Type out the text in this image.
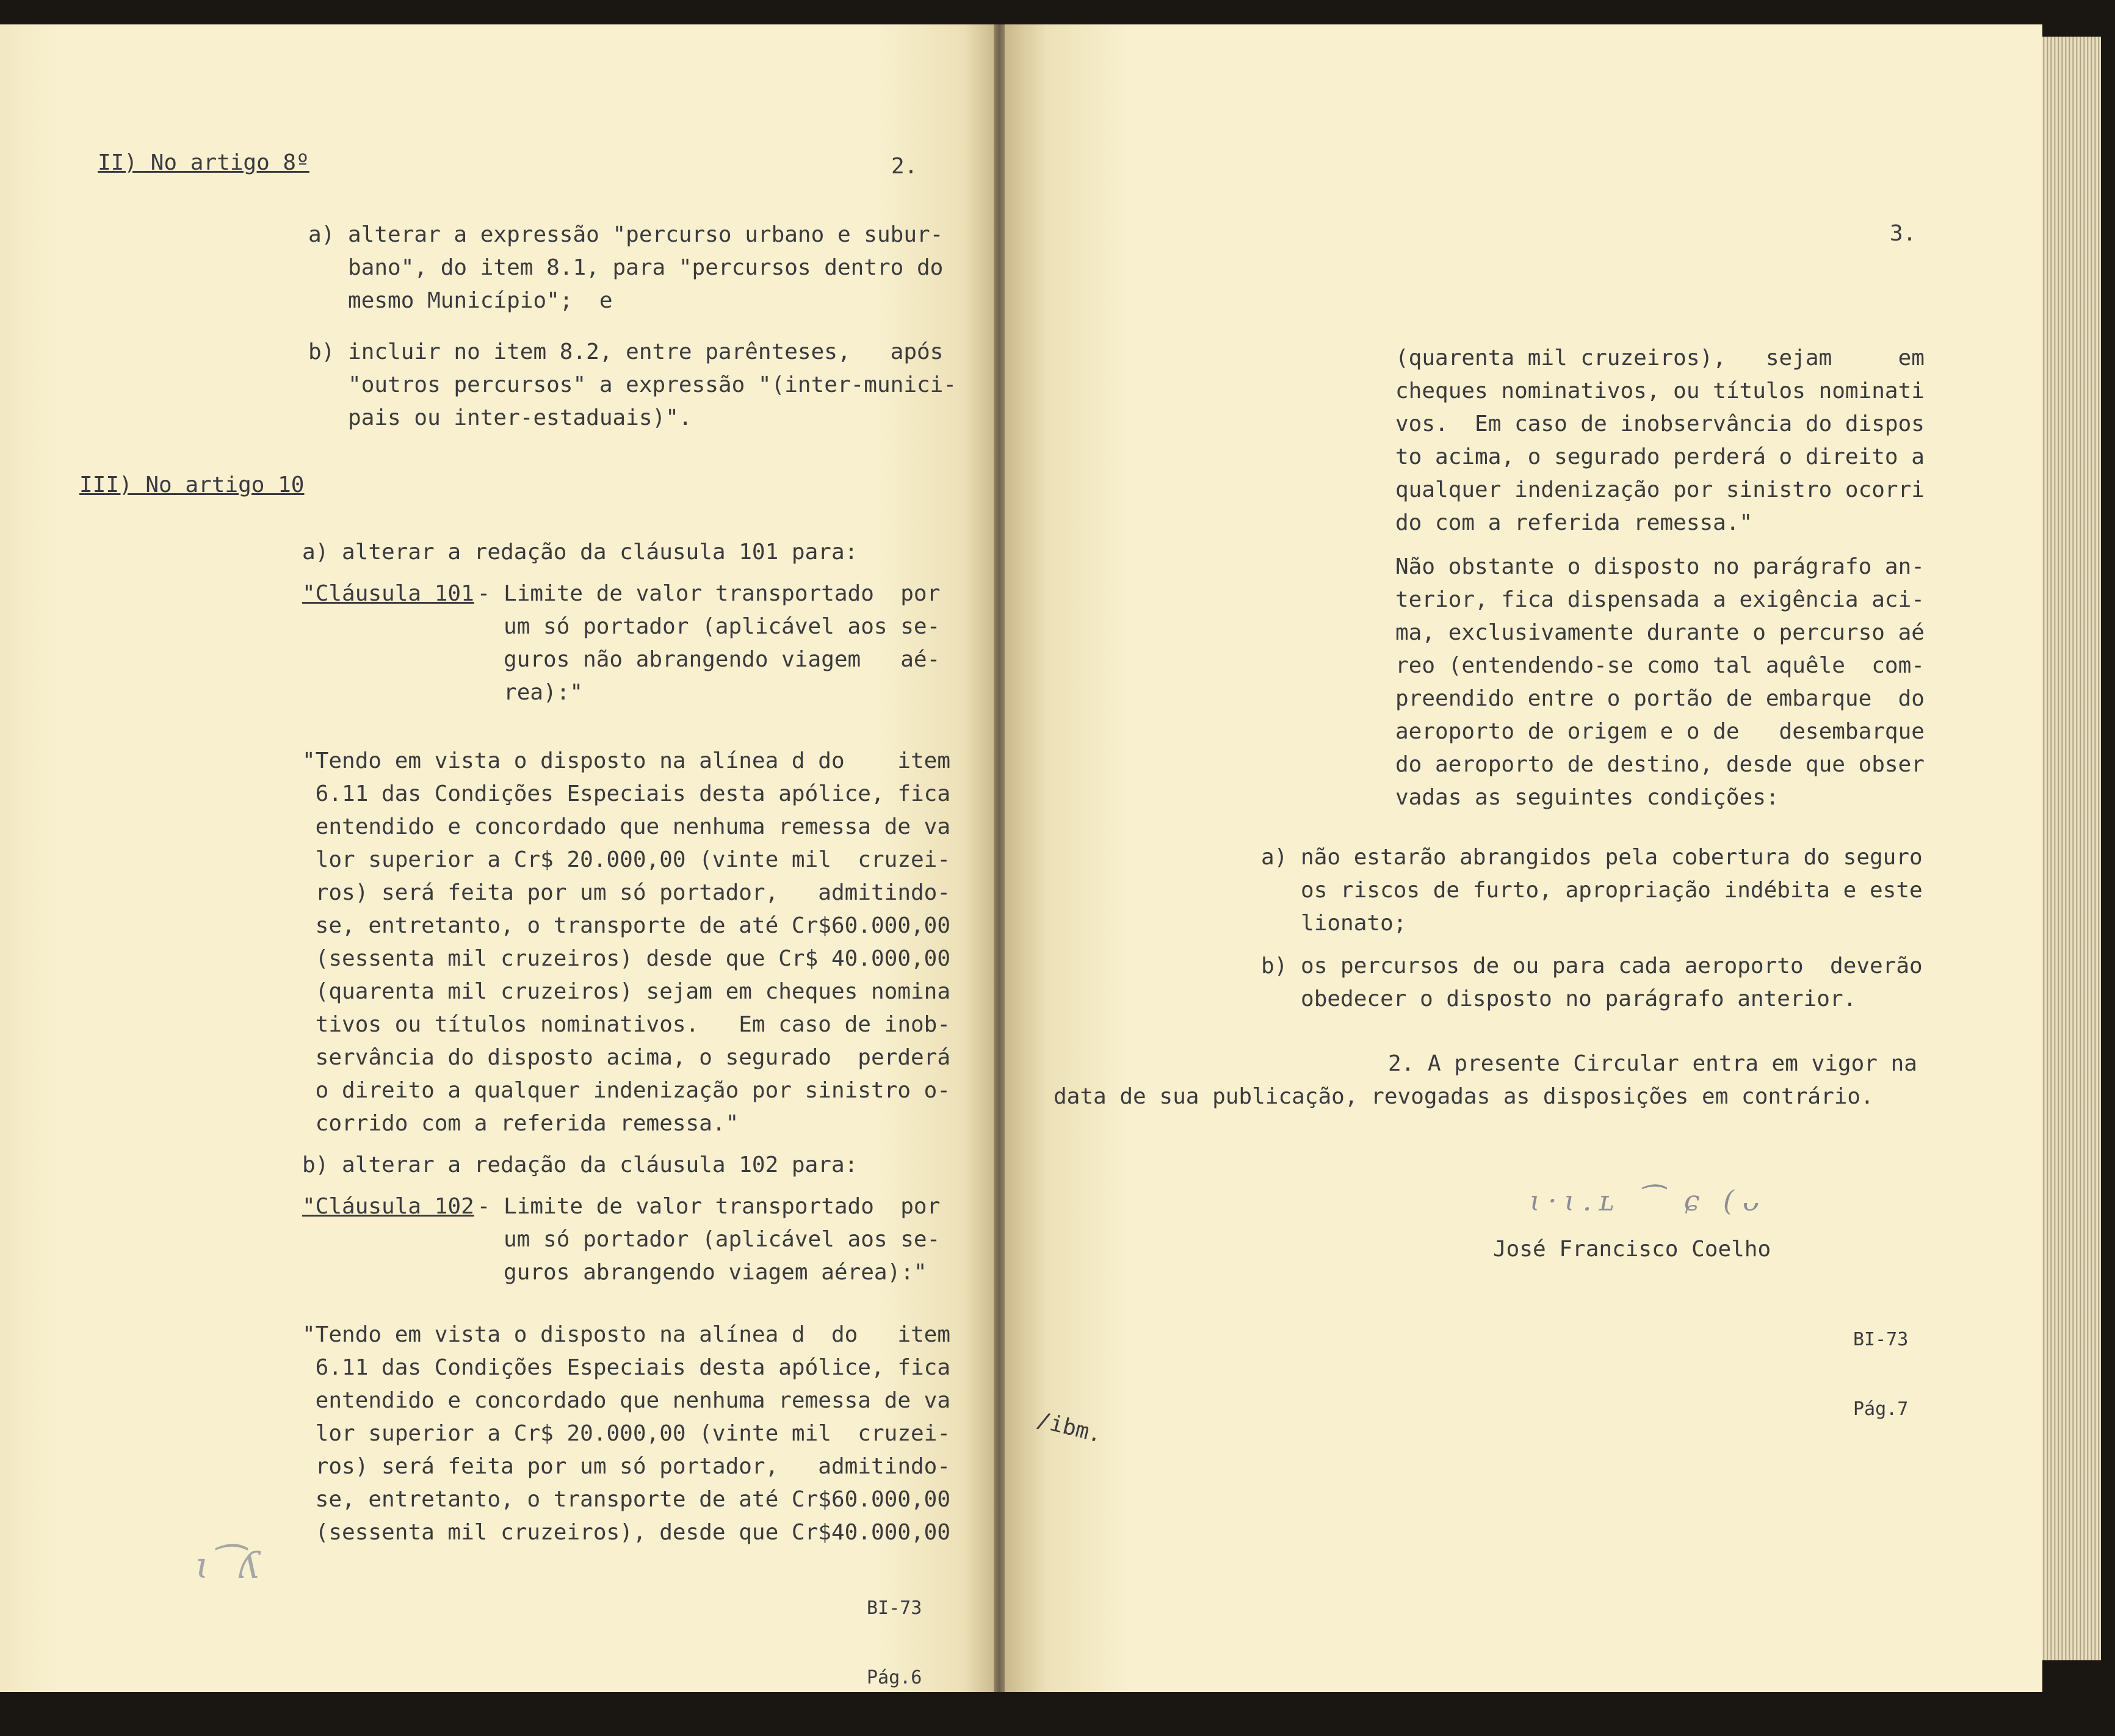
II) No artigo 8º	2.
a) alterar a expressão "percurso urbano e subur-
bano", do item 8.1, para "percursos dentro do
mesmo Município";  e
b) incluir no item 8.2, entre parênteses,   após
"outros percursos" a expressão "(inter-munici-
pais ou inter-estaduais)".
III) No artigo 10
a) alterar a redação da cláusula 101 para:
"Cláusula 101
- Limite de valor transportado  por
um só portador (aplicável aos se-
guros não abrangendo viagem   aé-
rea):"
"Tendo em vista o disposto na alínea d do    item
6.11 das Condições Especiais desta apólice, fica
entendido e concordado que nenhuma remessa de va
lor superior a Cr$ 20.000,00 (vinte mil  cruzei-
ros) será feita por um só portador,   admitindo-
se, entretanto, o transporte de até Cr$60.000,00
(sessenta mil cruzeiros) desde que Cr$ 40.000,00
(quarenta mil cruzeiros) sejam em cheques nomina
tivos ou títulos nominativos.   Em caso de inob-
servância do disposto acima, o segurado  perderá
o direito a qualquer indenização por sinistro o-
corrido com a referida remessa."
b) alterar a redação da cláusula 102 para:
"Cláusula 102
- Limite de valor transportado  por
um só portador (aplicável aos se-
guros abrangendo viagem aérea):"
"Tendo em vista o disposto na alínea d  do   item
6.11 das Condições Especiais desta apólice, fica
entendido e concordado que nenhuma remessa de va
lor superior a Cr$ 20.000,00 (vinte mil  cruzei-
ros) será feita por um só portador,   admitindo-
se, entretanto, o transporte de até Cr$60.000,00
(sessenta mil cruzeiros), desde que Cr$40.000,00

BI-73

Pág.6

ɩ⁀ʎ
3.
(quarenta mil cruzeiros),   sejam     em
cheques nominativos, ou títulos nominati
vos.  Em caso de inobservância do dispos
to acima, o segurado perderá o direito a
qualquer indenização por sinistro ocorri
do com a referida remessa."
Não obstante o disposto no parágrafo an-
terior, fica dispensada a exigência aci-
ma, exclusivamente durante o percurso aé
reo (entendendo-se como tal aquêle  com-
preendido entre o portão de embarque  do
aeroporto de origem e o de   desembarque
do aeroporto de destino, desde que obser
vadas as seguintes condições:
a) não estarão abrangidos pela cobertura do seguro
os riscos de furto, apropriação indébita e este
lionato;
b) os percursos de ou para cada aeroporto  deverão
obedecer o disposto no parágrafo anterior.
2. A presente Circular entra em vigor na
data de sua publicação, revogadas as disposições em contrário.
ɩ·ɩ.ʟ ⁀ ɕ (ᴗ
José Francisco Coelho

BI-73

Pág.7

/ibm.
